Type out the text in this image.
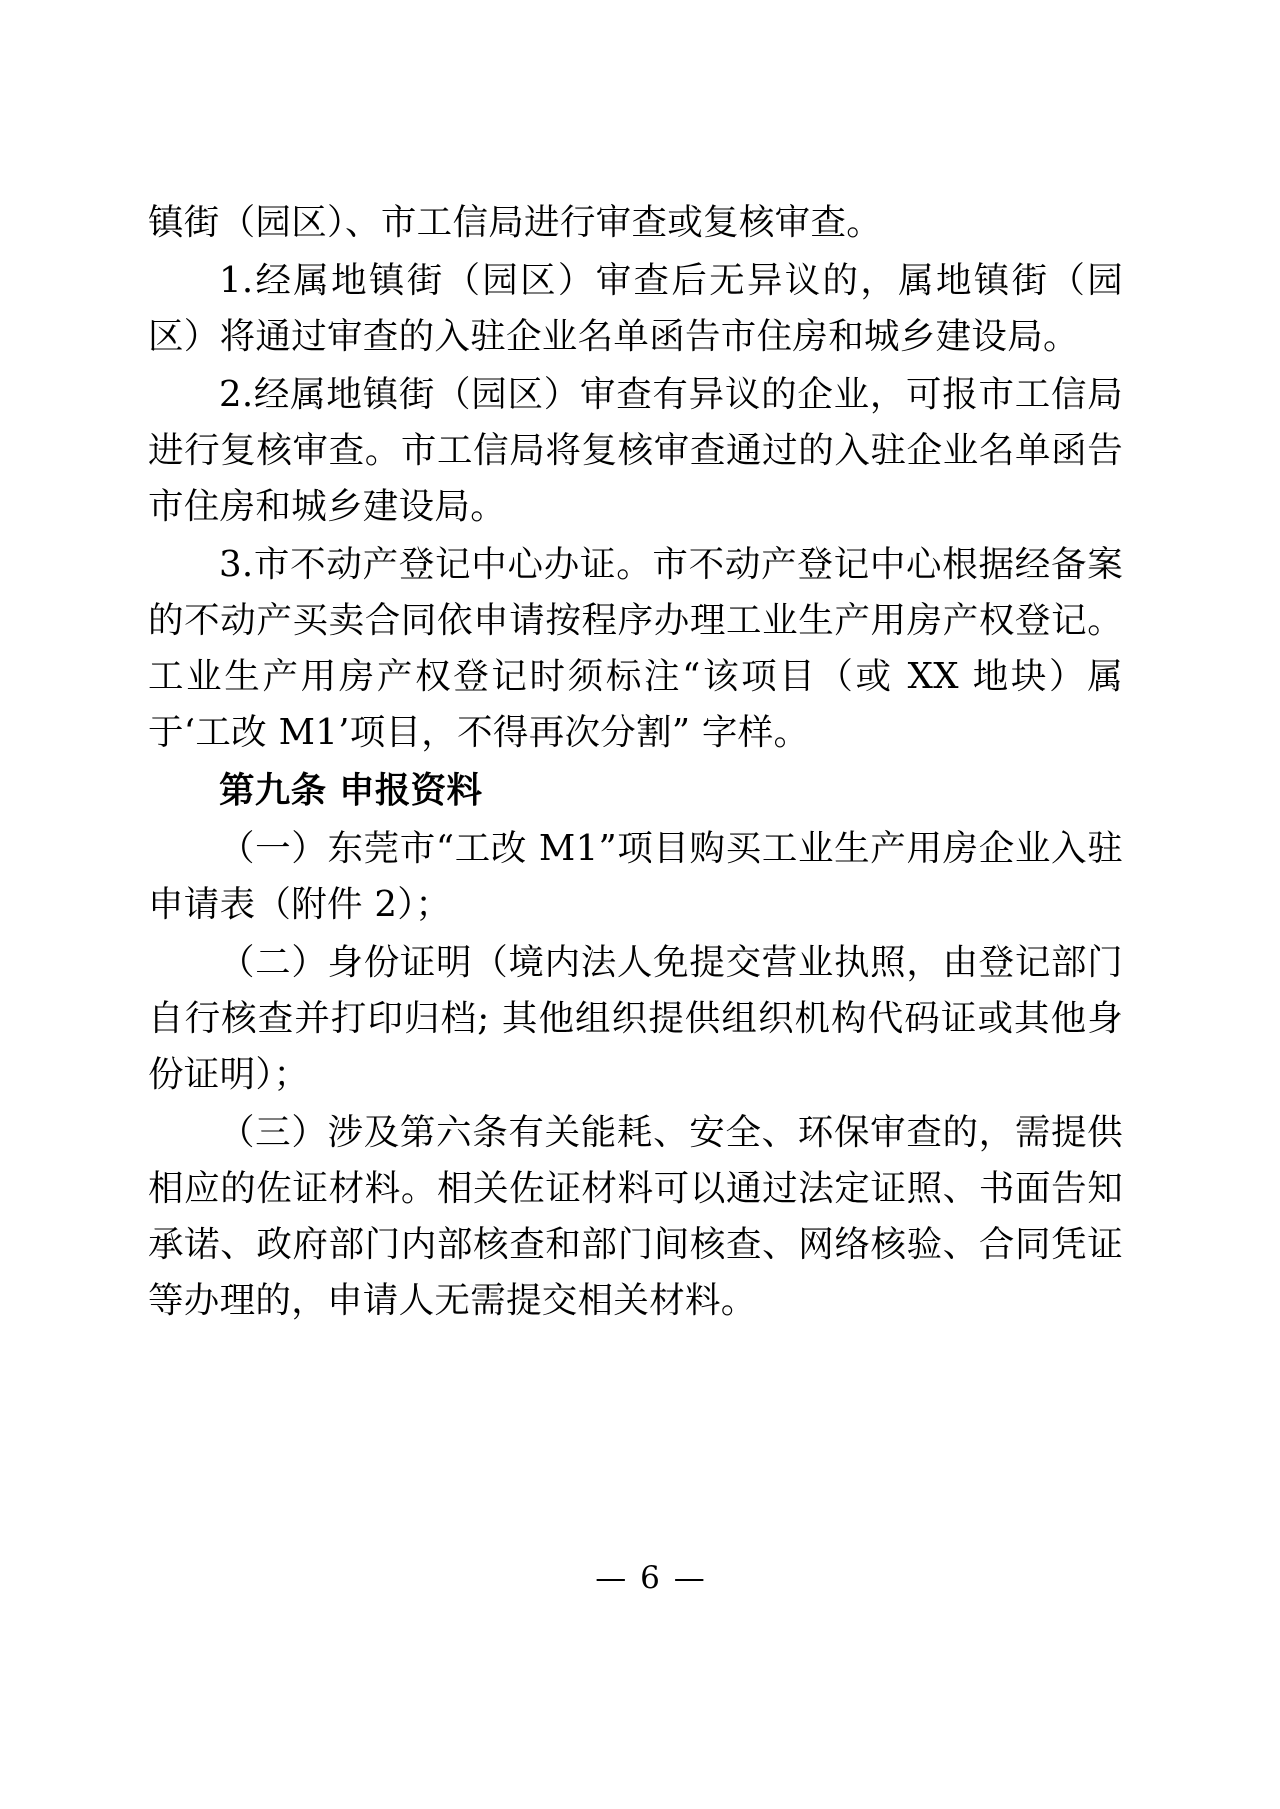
镇街（园区）、市工信局进行审查或复核审查。

1.经属地镇街（园区）审查后无异议的，属地镇街（园区）将通过审查的入驻企业名单函告市住房和城乡建设局。

2.经属地镇街（园区）审查有异议的企业，可报市工信局进行复核审查。市工信局将复核审查通过的入驻企业名单函告市住房和城乡建设局。

3.市不动产登记中心办证。市不动产登记中心根据经备案的不动产买卖合同依申请按程序办理工业生产用房产权登记。工业生产用房产权登记时须标注“该项目（或 XX 地块）属于‘工改 M1’项目，不得再次分割” 字样。

第九条 申报资料

（一）东莞市“工改 M1”项目购买工业生产用房企业入驻申请表（附件 2）；

（二）身份证明（境内法人免提交营业执照，由登记部门自行核查并打印归档; 其他组织提供组织机构代码证或其他身份证明）；

（三）涉及第六条有关能耗、安全、环保审查的，需提供相应的佐证材料。相关佐证材料可以通过法定证照、书面告知承诺、政府部门内部核查和部门间核查、网络核验、合同凭证等办理的，申请人无需提交相关材料。

— 6 —
